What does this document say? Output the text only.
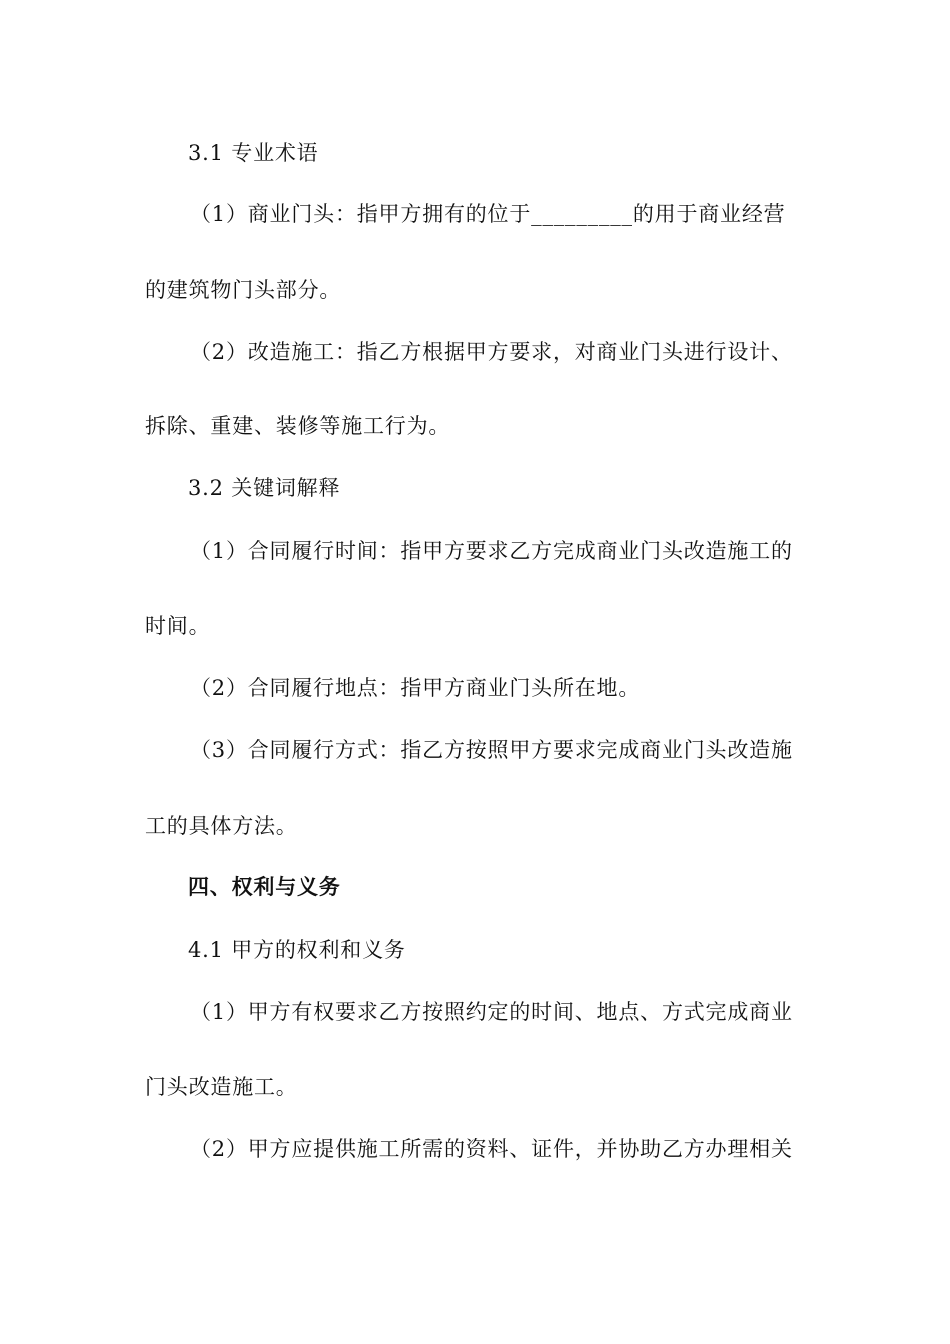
3.1 专业术语
（1）商业门头：指甲方拥有的位于_________的用于商业经营
的建筑物门头部分。
（2）改造施工：指乙方根据甲方要求，对商业门头进行设计、
拆除、重建、装修等施工行为。
3.2 关键词解释
（1）合同履行时间：指甲方要求乙方完成商业门头改造施工的
时间。
（2）合同履行地点：指甲方商业门头所在地。
（3）合同履行方式：指乙方按照甲方要求完成商业门头改造施
工的具体方法。
四、权利与义务
4.1 甲方的权利和义务
（1）甲方有权要求乙方按照约定的时间、地点、方式完成商业
门头改造施工。
（2）甲方应提供施工所需的资料、证件，并协助乙方办理相关
